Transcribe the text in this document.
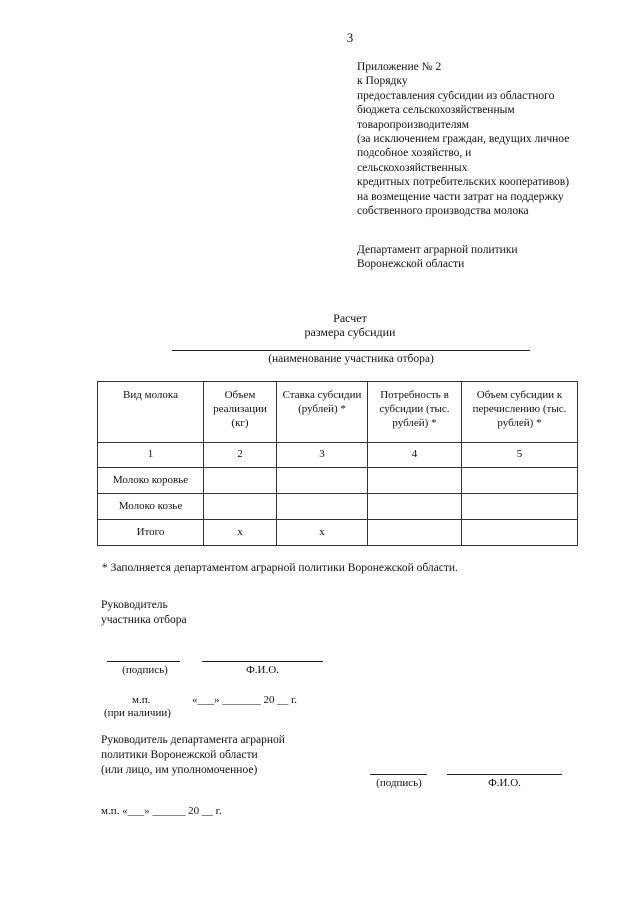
3
Приложение № 2
к Порядку
предоставления субсидии из областного
бюджета сельскохозяйственным
товаропроизводителям
(за исключением граждан, ведущих личное
подсобное хозяйство, и
сельскохозяйственных
кредитных потребительских кооперативов)
на возмещение части затрат на поддержку
собственного производства молока
Департамент аграрной политики
Воронежской области
Расчет
размера субсидии
(наименование участника отбора)
Вид молока	Объем реализации (кг)	Ставка субсидии (рублей) *	Потребность в субсидии (тыс. рублей) *	Объем субсидии к перечислению (тыс. рублей) *
1	2	3	4	5
Молоко коровье				
Молоко козье				
Итого	х	х		
* Заполняется департаментом аграрной политики Воронежской области.
Руководитель
участника отбора
(подпись)	Ф.И.О.
м.п.	«___» _______ 20 __ г.
(при наличии)
Руководитель департамента аграрной
политики Воронежской области
(или лицо, им уполномоченное)
(подпись)	Ф.И.О.
м.п. «___» ______ 20 __ г.
